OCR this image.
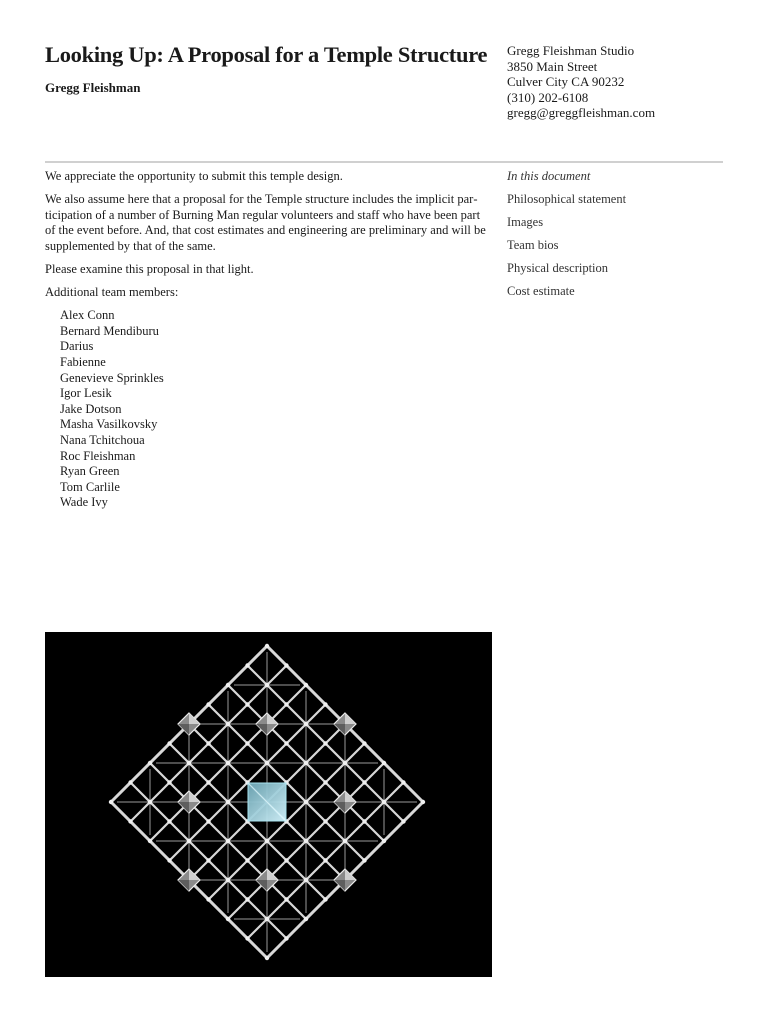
Looking Up: A Proposal for a Temple Structure

Gregg Fleishman

Gregg Fleishman Studio
3850 Main Street
Culver City CA 90232
(310) 202-6108
gregg@greggfleishman.com

We appreciate the opportunity to submit this temple design.

We also assume here that a proposal for the Temple structure includes the implicit participation of a number of Burning Man regular volunteers and staff who have been part of the event before. And, that cost estimates and engineering are preliminary and will be supplemented by that of the same.

Please examine this proposal in that light.

Additional team members:

Alex Conn
Bernard Mendiburu
Darius
Fabienne
Genevieve Sprinkles
Igor Lesik
Jake Dotson
Masha Vasilkovsky
Nana Tchitchoua
Roc Fleishman
Ryan Green
Tom Carlile
Wade Ivy
In this document
Philosophical statement
Images
Team bios
Physical description
Cost estimate
